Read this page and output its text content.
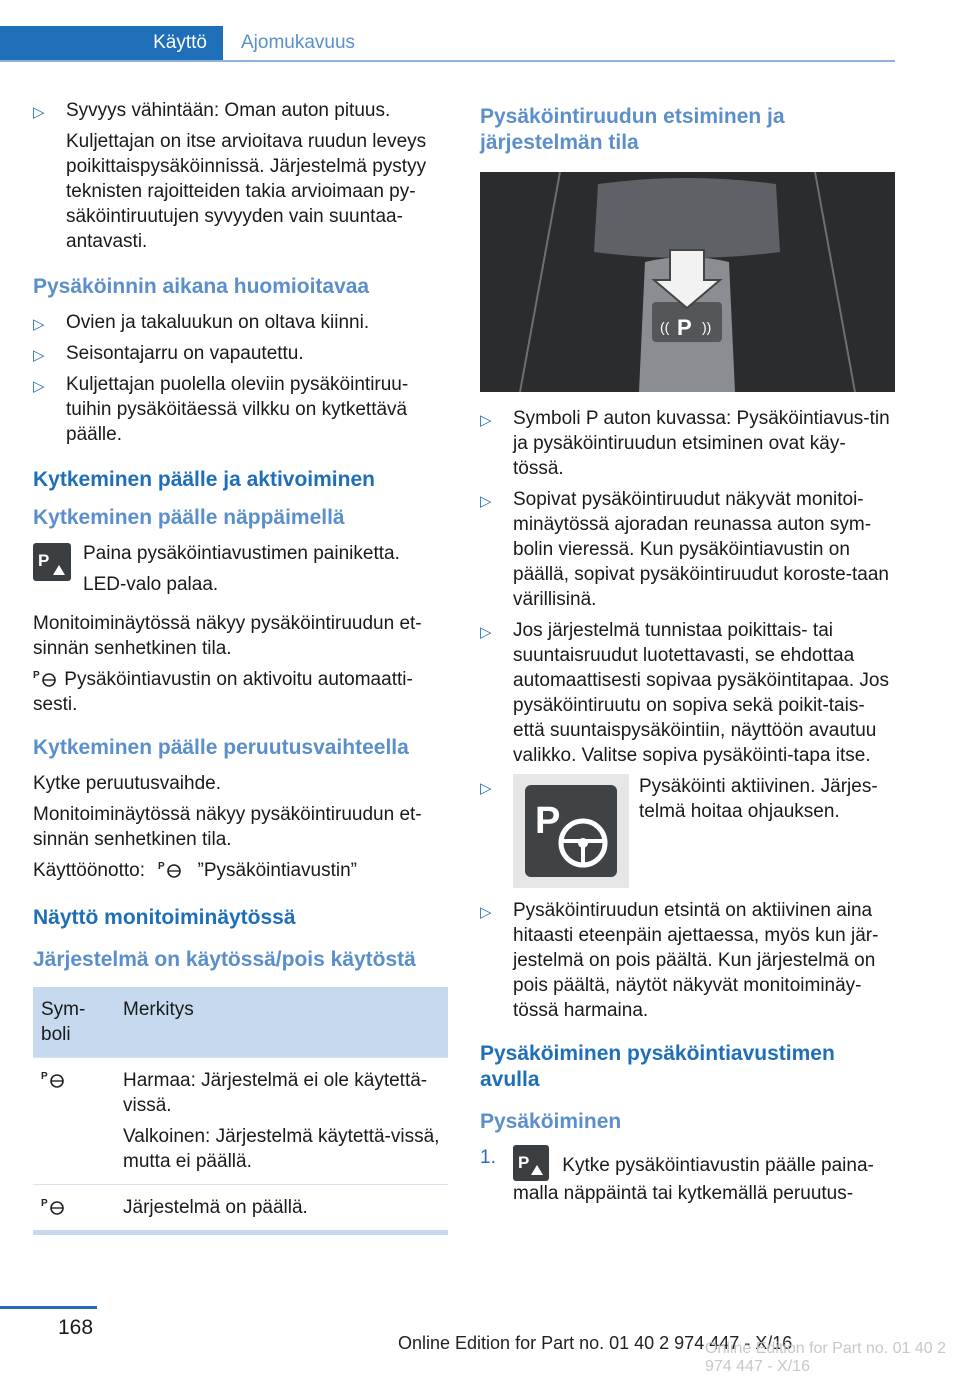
Käyttö	Ajomukavuus
▷	Syvyys vähintään: Oman auton pituus.
Kuljettajan on itse arvioitava ruudun leveys poikittaispysäköinnissä. Järjestelmä pystyy teknisten rajoitteiden takia arvioimaan py‐säköintiruutujen syvyyden vain suuntaa‐antavasti.
Pysäköinnin aikana huomioitavaa
▷	Ovien ja takaluukun on oltava kiinni.
▷	Seisontajarru on vapautettu.
▷	Kuljettajan puolella oleviin pysäköintiruu‐tuihin pysäköitäessä vilkku on kytkettävä päälle.
Kytkeminen päälle ja aktivoiminen
Kytkeminen päälle näppäimellä
P Paina pysäköintiavustimen painiketta.
LED-valo palaa.
Monitoiminäytössä näkyy pysäköintiruudun et‐sinnän senhetkinen tila.
P Pysäköintiavustin on aktivoitu automaatti‐sesti.
Kytkeminen päälle peruutusvaihteella
Kytke peruutusvaihde.
Monitoiminäytössä näkyy pysäköintiruudun et‐sinnän senhetkinen tila.
Käyttöönotto: P ”Pysäköintiavustin”
Näyttö monitoiminäytössä
Järjestelmä on käytössä/pois käytöstä
Sym‐boli	Merkitys

P	Harmaa: Järjestelmä ei ole käytettä‐vissä.
Valkoinen: Järjestelmä käytettä‐vissä, mutta ei päällä.

P	Järjestelmä on päällä.
Pysäköintiruudun etsiminen ja järjestelmän tila
P
(( ))
▷	Symboli P auton kuvassa: Pysäköintiavus‐tin ja pysäköintiruudun etsiminen ovat käy‐tössä.
▷	Sopivat pysäköintiruudut näkyvät monitoi‐minäytössä ajoradan reunassa auton sym‐bolin vieressä. Kun pysäköintiavustin on päällä, sopivat pysäköintiruudut koroste‐taan värillisinä.
▷	Jos järjestelmä tunnistaa poikittais- tai suuntaisruudut luotettavasti, se ehdottaa automaattisesti sopivaa pysäköintitapaa. Jos pysäköintiruutu on sopiva sekä poikit‐tais- että suuntaispysäköintiin, näyttöön avautuu valikko. Valitse sopiva pysäköinti‐tapa itse.
▷
P
Pysäköinti aktiivinen. Järjes‐telmä hoitaa ohjauksen.
▷	Pysäköintiruudun etsintä on aktiivinen aina hitaasti eteenpäin ajettaessa, myös kun jär‐jestelmä on pois päältä. Kun järjestelmä on pois päältä, näytöt näkyvät monitoiminäy‐tössä harmaina.
Pysäköiminen pysäköintiavustimen avulla
Pysäköiminen
1. P Kytke pysäköintiavustin päälle paina‐malla näppäintä tai kytkemällä peruutus‐
168
Online Edition for Part no. 01 40 2 974 447 - X/16
Online Edition for Part no. 01 40 2 974 447 - X/16
